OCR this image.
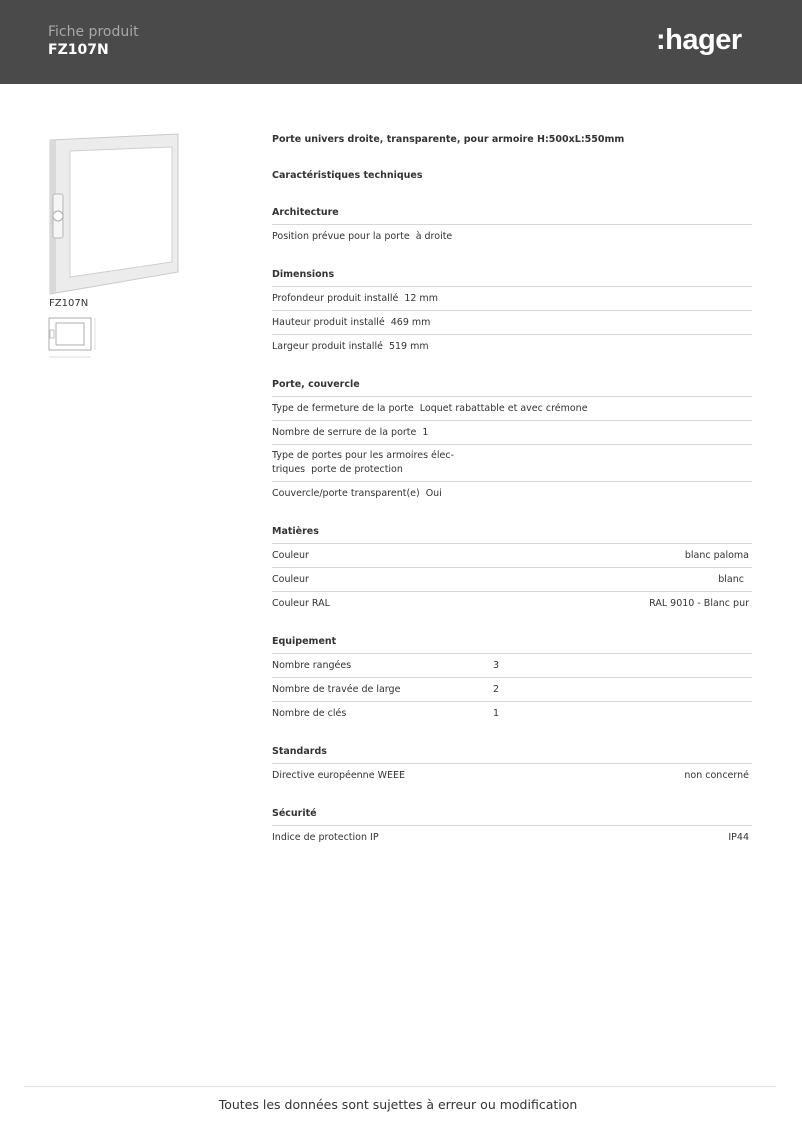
Fiche produit
FZ107N	:hager
FZ107N
Porte univers droite, transparente, pour armoire H:500xL:550mm
Caractéristiques techniques
Architecture
Position prévue pour la porte à droite
Dimensions
Profondeur produit installé 12 mm
Hauteur produit installé 469 mm
Largeur produit installé 519 mm
Porte, couvercle
Type de fermeture de la porte Loquet rabattable et avec crémone
Nombre de serrure de la porte 1
Type de portes pour les armoires élec-
triques porte de protection
Couvercle/porte transparent(e) Oui
Matières
Couleur	blanc paloma
Couleur	blanc
Couleur RAL	RAL 9010 - Blanc pur
Equipement
Nombre rangées	3
Nombre de travée de large	2
Nombre de clés	1
Standards
Directive européenne WEEE	non concerné
Sécurité
Indice de protection IP	IP44
Toutes les données sont sujettes à erreur ou modification
